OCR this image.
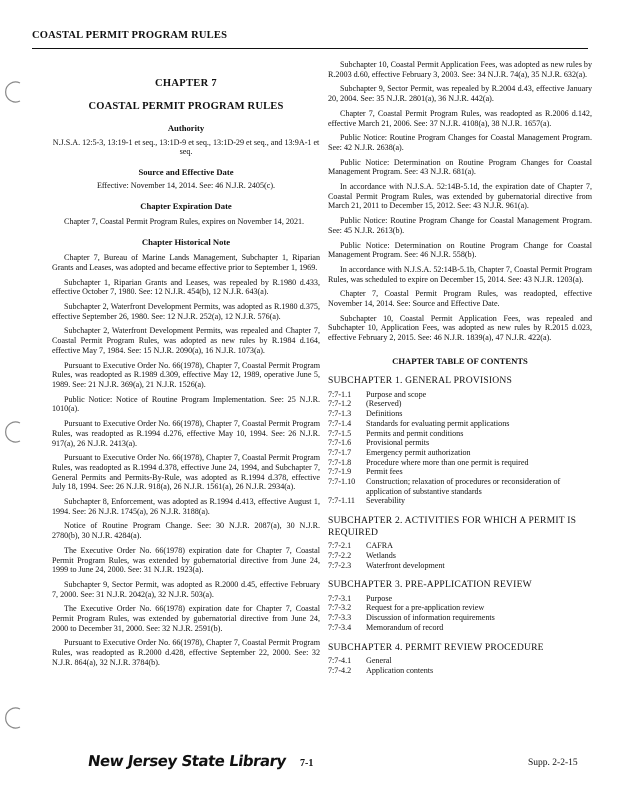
COASTAL PERMIT PROGRAM RULES
CHAPTER 7
COASTAL PERMIT PROGRAM RULES
Authority
N.J.S.A. 12:5-3, 13:19-1 et seq., 13:1D-9 et seq., 13:1D-29 et seq., and 13:9A-1 et seq.
Source and Effective Date
Effective: November 14, 2014. See: 46 N.J.R. 2405(c).
Chapter Expiration Date

Chapter 7, Coastal Permit Program Rules, expires on November 14, 2021.

Chapter Historical Note

Chapter 7, Bureau of Marine Lands Management, Subchapter 1, Riparian Grants and Leases, was adopted and became effective prior to September 1, 1969.

Subchapter 1, Riparian Grants and Leases, was repealed by R.1980 d.433, effective October 7, 1980. See: 12 N.J.R. 454(b), 12 N.J.R. 643(a).

Subchapter 2, Waterfront Development Permits, was adopted as R.1980 d.375, effective September 26, 1980. See: 12 N.J.R. 252(a), 12 N.J.R. 576(a).

Subchapter 2, Waterfront Development Permits, was repealed and Chapter 7, Coastal Permit Program Rules, was adopted as new rules by R.1984 d.164, effective May 7, 1984. See: 15 N.J.R. 2090(a), 16 N.J.R. 1073(a).

Pursuant to Executive Order No. 66(1978), Chapter 7, Coastal Permit Program Rules, was readopted as R.1989 d.309, effective May 12, 1989, operative June 5, 1989. See: 21 N.J.R. 369(a), 21 N.J.R. 1526(a).

Public Notice: Notice of Routine Program Implementation. See: 25 N.J.R. 1010(a).

Pursuant to Executive Order No. 66(1978), Chapter 7, Coastal Permit Program Rules, was readopted as R.1994 d.276, effective May 10, 1994. See: 26 N.J.R. 917(a), 26 N.J.R. 2413(a).

Pursuant to Executive Order No. 66(1978), Chapter 7, Coastal Permit Program Rules, was readopted as R.1994 d.378, effective June 24, 1994, and Subchapter 7, General Permits and Permits-By-Rule, was adopted as R.1994 d.378, effective July 18, 1994. See: 26 N.J.R. 918(a), 26 N.J.R. 1561(a), 26 N.J.R. 2934(a).

Subchapter 8, Enforcement, was adopted as R.1994 d.413, effective August 1, 1994. See: 26 N.J.R. 1745(a), 26 N.J.R. 3188(a).

Notice of Routine Program Change. See: 30 N.J.R. 2087(a), 30 N.J.R. 2780(b), 30 N.J.R. 4284(a).

The Executive Order No. 66(1978) expiration date for Chapter 7, Coastal Permit Program Rules, was extended by gubernatorial directive from June 24, 1999 to June 24, 2000. See: 31 N.J.R. 1923(a).

Subchapter 9, Sector Permit, was adopted as R.2000 d.45, effective February 7, 2000. See: 31 N.J.R. 2042(a), 32 N.J.R. 503(a).

The Executive Order No. 66(1978) expiration date for Chapter 7, Coastal Permit Program Rules, was extended by gubernatorial directive from June 24, 2000 to December 31, 2000. See: 32 N.J.R. 2591(b).

Pursuant to Executive Order No. 66(1978), Chapter 7, Coastal Permit Program Rules, was readopted as R.2000 d.428, effective September 22, 2000. See: 32 N.J.R. 864(a), 32 N.J.R. 3784(b).

Subchapter 10, Coastal Permit Application Fees, was adopted as new rules by R.2003 d.60, effective February 3, 2003. See: 34 N.J.R. 74(a), 35 N.J.R. 632(a).

Subchapter 9, Sector Permit, was repealed by R.2004 d.43, effective January 20, 2004. See: 35 N.J.R. 2801(a), 36 N.J.R. 442(a).

Chapter 7, Coastal Permit Program Rules, was readopted as R.2006 d.142, effective March 21, 2006. See: 37 N.J.R. 4108(a), 38 N.J.R. 1657(a).

Public Notice: Routine Program Changes for Coastal Management Program. See: 42 N.J.R. 2638(a).

Public Notice: Determination on Routine Program Changes for Coastal Management Program. See: 43 N.J.R. 681(a).

In accordance with N.J.S.A. 52:14B-5.1d, the expiration date of Chapter 7, Coastal Permit Program Rules, was extended by gubernatorial directive from March 21, 2011 to December 15, 2012. See: 43 N.J.R. 961(a).

Public Notice: Routine Program Change for Coastal Management Program. See: 45 N.J.R. 2613(b).

Public Notice: Determination on Routine Program Change for Coastal Management Program. See: 46 N.J.R. 558(b).

In accordance with N.J.S.A. 52:14B-5.1b, Chapter 7, Coastal Permit Program Rules, was scheduled to expire on December 15, 2014. See: 43 N.J.R. 1203(a).

Chapter 7, Coastal Permit Program Rules, was readopted, effective November 14, 2014. See: Source and Effective Date.

Subchapter 10, Coastal Permit Application Fees, was repealed and Subchapter 10, Application Fees, was adopted as new rules by R.2015 d.023, effective February 2, 2015. See: 46 N.J.R. 1839(a), 47 N.J.R. 422(a).

CHAPTER TABLE OF CONTENTS
SUBCHAPTER 1. GENERAL PROVISIONS
7:7-1.1	Purpose and scope
7:7-1.2	(Reserved)
7:7-1.3	Definitions
7:7-1.4	Standards for evaluating permit applications
7:7-1.5	Permits and permit conditions
7:7-1.6	Provisional permits
7:7-1.7	Emergency permit authorization
7:7-1.8	Procedure where more than one permit is required
7:7-1.9	Permit fees
7:7-1.10	Construction; relaxation of procedures or reconsideration of application of substantive standards
7:7-1.11	Severability
SUBCHAPTER 2. ACTIVITIES FOR WHICH A PERMIT IS REQUIRED
7:7-2.1	CAFRA
7:7-2.2	Wetlands
7:7-2.3	Waterfront development
SUBCHAPTER 3. PRE-APPLICATION REVIEW
7:7-3.1	Purpose
7:7-3.2	Request for a pre-application review
7:7-3.3	Discussion of information requirements
7:7-3.4	Memorandum of record
SUBCHAPTER 4. PERMIT REVIEW PROCEDURE
7:7-4.1	General
7:7-4.2	Application contents
New Jersey State Library 7-1	Supp. 2-2-15
